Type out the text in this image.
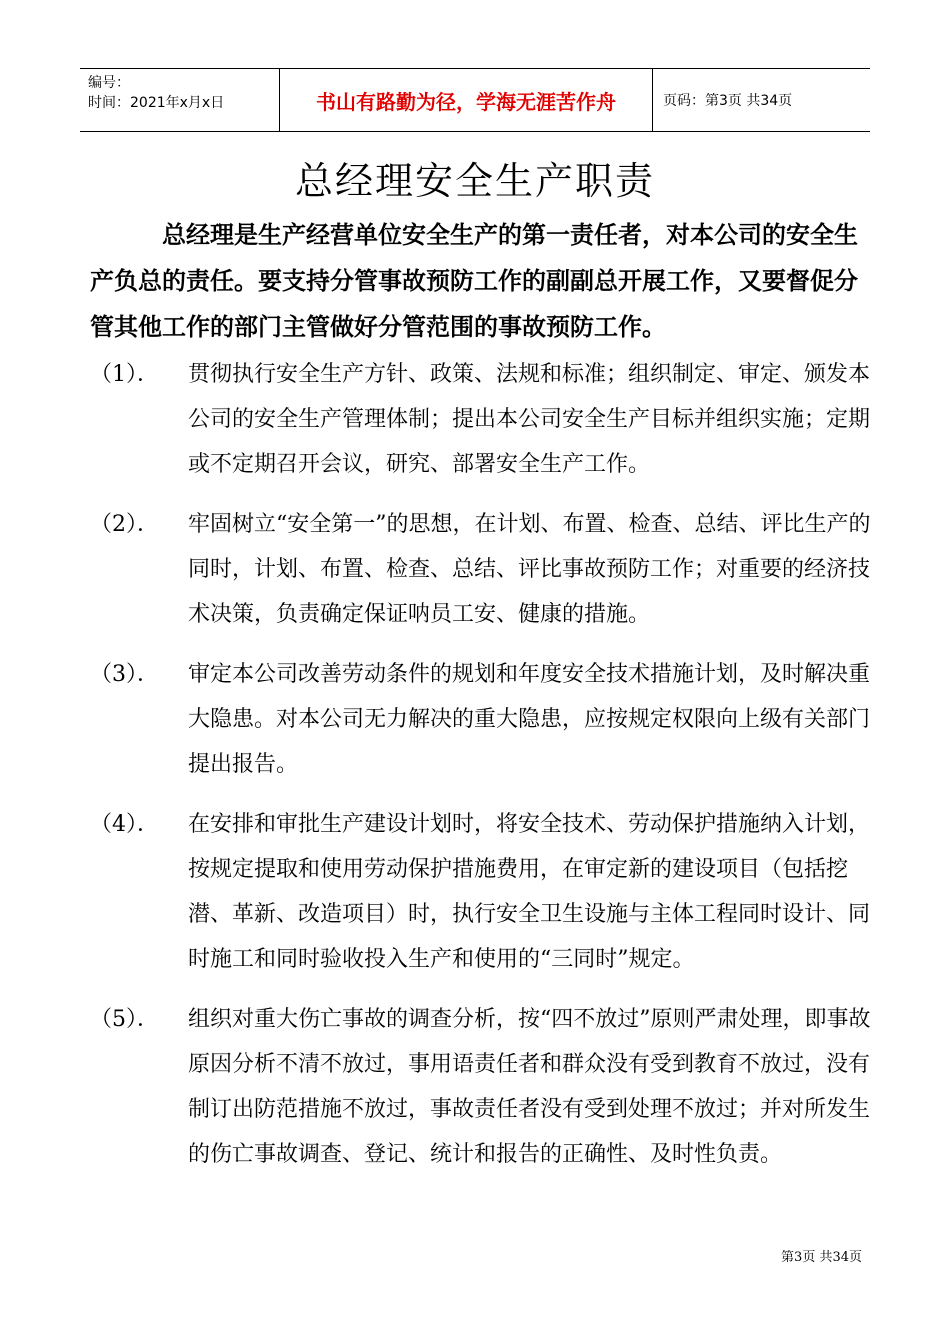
编号：
时间：2021年x月x日	书山有路勤为径，学海无涯苦作舟	页码：第3页 共34页
总经理安全生产职责
总经理是生产经营单位安全生产的第一责任者，对本公司的安全生产负总的责任。要支持分管事故预防工作的副副总开展工作，又要督促分管其他工作的部门主管做好分管范围的事故预防工作。
（1）．	贯彻执行安全生产方针、政策、法规和标准；组织制定、审定、颁发本公司的安全生产管理体制；提出本公司安全生产目标并组织实施；定期或不定期召开会议，研究、部署安全生产工作。
（2）．	牢固树立“安全第一”的思想，在计划、布置、检查、总结、评比生产的同时，计划、布置、检查、总结、评比事故预防工作；对重要的经济技术决策，负责确定保证呐员工安、健康的措施。
（3）．	审定本公司改善劳动条件的规划和年度安全技术措施计划，及时解决重大隐患。对本公司无力解决的重大隐患，应按规定权限向上级有关部门提出报告。
（4）．	在安排和审批生产建设计划时，将安全技术、劳动保护措施纳入计划，按规定提取和使用劳动保护措施费用，在审定新的建设项目（包括挖潜、革新、改造项目）时，执行安全卫生设施与主体工程同时设计、同时施工和同时验收投入生产和使用的“三同时”规定。
（5）．	组织对重大伤亡事故的调查分析，按“四不放过”原则严肃处理，即事故原因分析不清不放过，事用语责任者和群众没有受到教育不放过，没有制订出防范措施不放过，事故责任者没有受到处理不放过；并对所发生的伤亡事故调查、登记、统计和报告的正确性、及时性负责。
第3页 共34页
